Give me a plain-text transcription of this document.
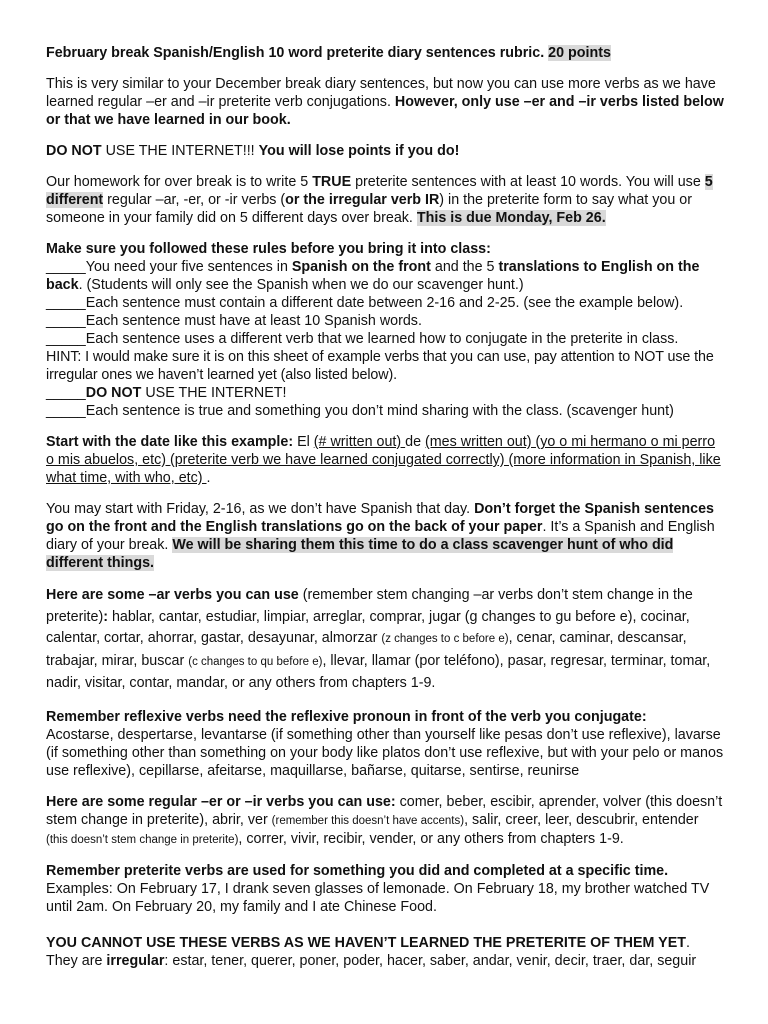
February break Spanish/English 10 word preterite diary sentences rubric. 20 points

This is very similar to your December break diary sentences, but now you can use more verbs as we have learned regular –er and –ir preterite verb conjugations. However, only use –er and –ir verbs listed below or that we have learned in our book.

DO NOT USE THE INTERNET!!! You will lose points if you do!

Our homework for over break is to write 5 TRUE preterite sentences with at least 10 words. You will use 5 different regular –ar, -er, or -ir verbs (or the irregular verb IR) in the preterite form to say what you or someone in your family did on 5 different days over break. This is due Monday, Feb 26.

Make sure you followed these rules before you bring it into class:
_____You need your five sentences in Spanish on the front and the 5 translations to English on the back. (Students will only see the Spanish when we do our scavenger hunt.)
_____Each sentence must contain a different date between 2-16 and 2-25. (see the example below).
_____Each sentence must have at least 10 Spanish words.
_____Each sentence uses a different verb that we learned how to conjugate in the preterite in class.
HINT: I would make sure it is on this sheet of example verbs that you can use, pay attention to NOT use the irregular ones we haven’t learned yet (also listed below).
_____DO NOT USE THE INTERNET!
_____Each sentence is true and something you don’t mind sharing with the class. (scavenger hunt)

Start with the date like this example: El (# written out) de (mes written out) (yo o mi hermano o mi perro o mis abuelos, etc) (preterite verb we have learned conjugated correctly) (more information in Spanish, like what time, with who, etc) .

You may start with Friday, 2-16, as we don’t have Spanish that day. Don’t forget the Spanish sentences go on the front and the English translations go on the back of your paper. It’s a Spanish and English diary of your break. We will be sharing them this time to do a class scavenger hunt of who did different things.

Here are some –ar verbs you can use (remember stem changing –ar verbs don’t stem change in the preterite): hablar, cantar, estudiar, limpiar, arreglar, comprar, jugar (g changes to gu before e), cocinar, calentar, cortar, ahorrar, gastar, desayunar, almorzar (z changes to c before e), cenar, caminar, descansar, trabajar, mirar, buscar (c changes to qu before e), llevar, llamar (por teléfono), pasar, regresar, terminar, tomar, nadir, visitar, contar, mandar, or any others from chapters 1-9.

Remember reflexive verbs need the reflexive pronoun in front of the verb you conjugate:
Acostarse, despertarse, levantarse (if something other than yourself like pesas don’t use reflexive), lavarse (if something other than something on your body like platos don’t use reflexive, but with your pelo or manos use reflexive), cepillarse, afeitarse, maquillarse, bañarse, quitarse, sentirse, reunirse

Here are some regular –er or –ir verbs you can use: comer, beber, escibir, aprender, volver (this doesn’t stem change in preterite), abrir, ver (remember this doesn’t have accents), salir, creer, leer, descubrir, entender (this doesn’t stem change in preterite), correr, vivir, recibir, vender, or any others from chapters 1-9.

Remember preterite verbs are used for something you did and completed at a specific time.
Examples: On February 17, I drank seven glasses of lemonade. On February 18, my brother watched TV until 2am. On February 20, my family and I ate Chinese Food.

YOU CANNOT USE THESE VERBS AS WE HAVEN’T LEARNED THE PRETERITE OF THEM YET. They are irregular: estar, tener, querer, poner, poder, hacer, saber, andar, venir, decir, traer, dar, seguir
